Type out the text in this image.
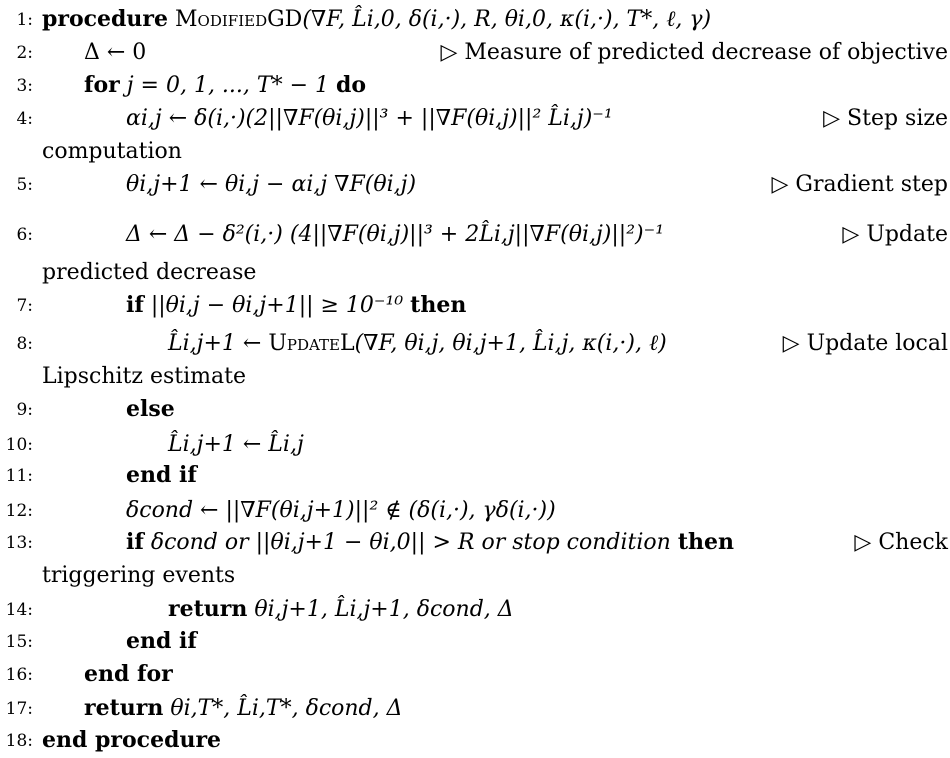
1: procedure ModifiedGD(∇F, L̂i,0, δ(i,·), R, θi,0, κ(i,·), T*, ℓ, γ)
2: Δ ← 0	▷ Measure of predicted decrease of objective
3: for j = 0, 1, ..., T* − 1 do
4:	αi,j ← δ(i,·)(2||∇F(θi,j)||³ + ||∇F(θi,j)||² L̂i,j)⁻¹	▷ Step size
computation
5:	θi,j+1 ← θi,j − αi,j ∇F(θi,j)	▷ Gradient step
6:	Δ ← Δ − δ²(i,·) (4||∇F(θi,j)||³ + 2L̂i,j||∇F(θi,j)||²)⁻¹	▷ Update
predicted decrease
7:	if ||θi,j − θi,j+1|| ≥ 10⁻¹⁰ then
8:	L̂i,j+1 ← UpdateL(∇F, θi,j, θi,j+1, L̂i,j, κ(i,·), ℓ)	▷ Update local
Lipschitz estimate
9:	else
10:	L̂i,j+1 ← L̂i,j
11:	end if
12:	δcond ← ||∇F(θi,j+1)||² ∉ (δ(i,·), γδ(i,·))
13:	if δcond or ||θi,j+1 − θi,0|| > R or stop condition then	▷ Check
triggering events
14:	return θi,j+1, L̂i,j+1, δcond, Δ
15:	end if
16: end for
17: return θi,T*, L̂i,T*, δcond, Δ
18: end procedure
